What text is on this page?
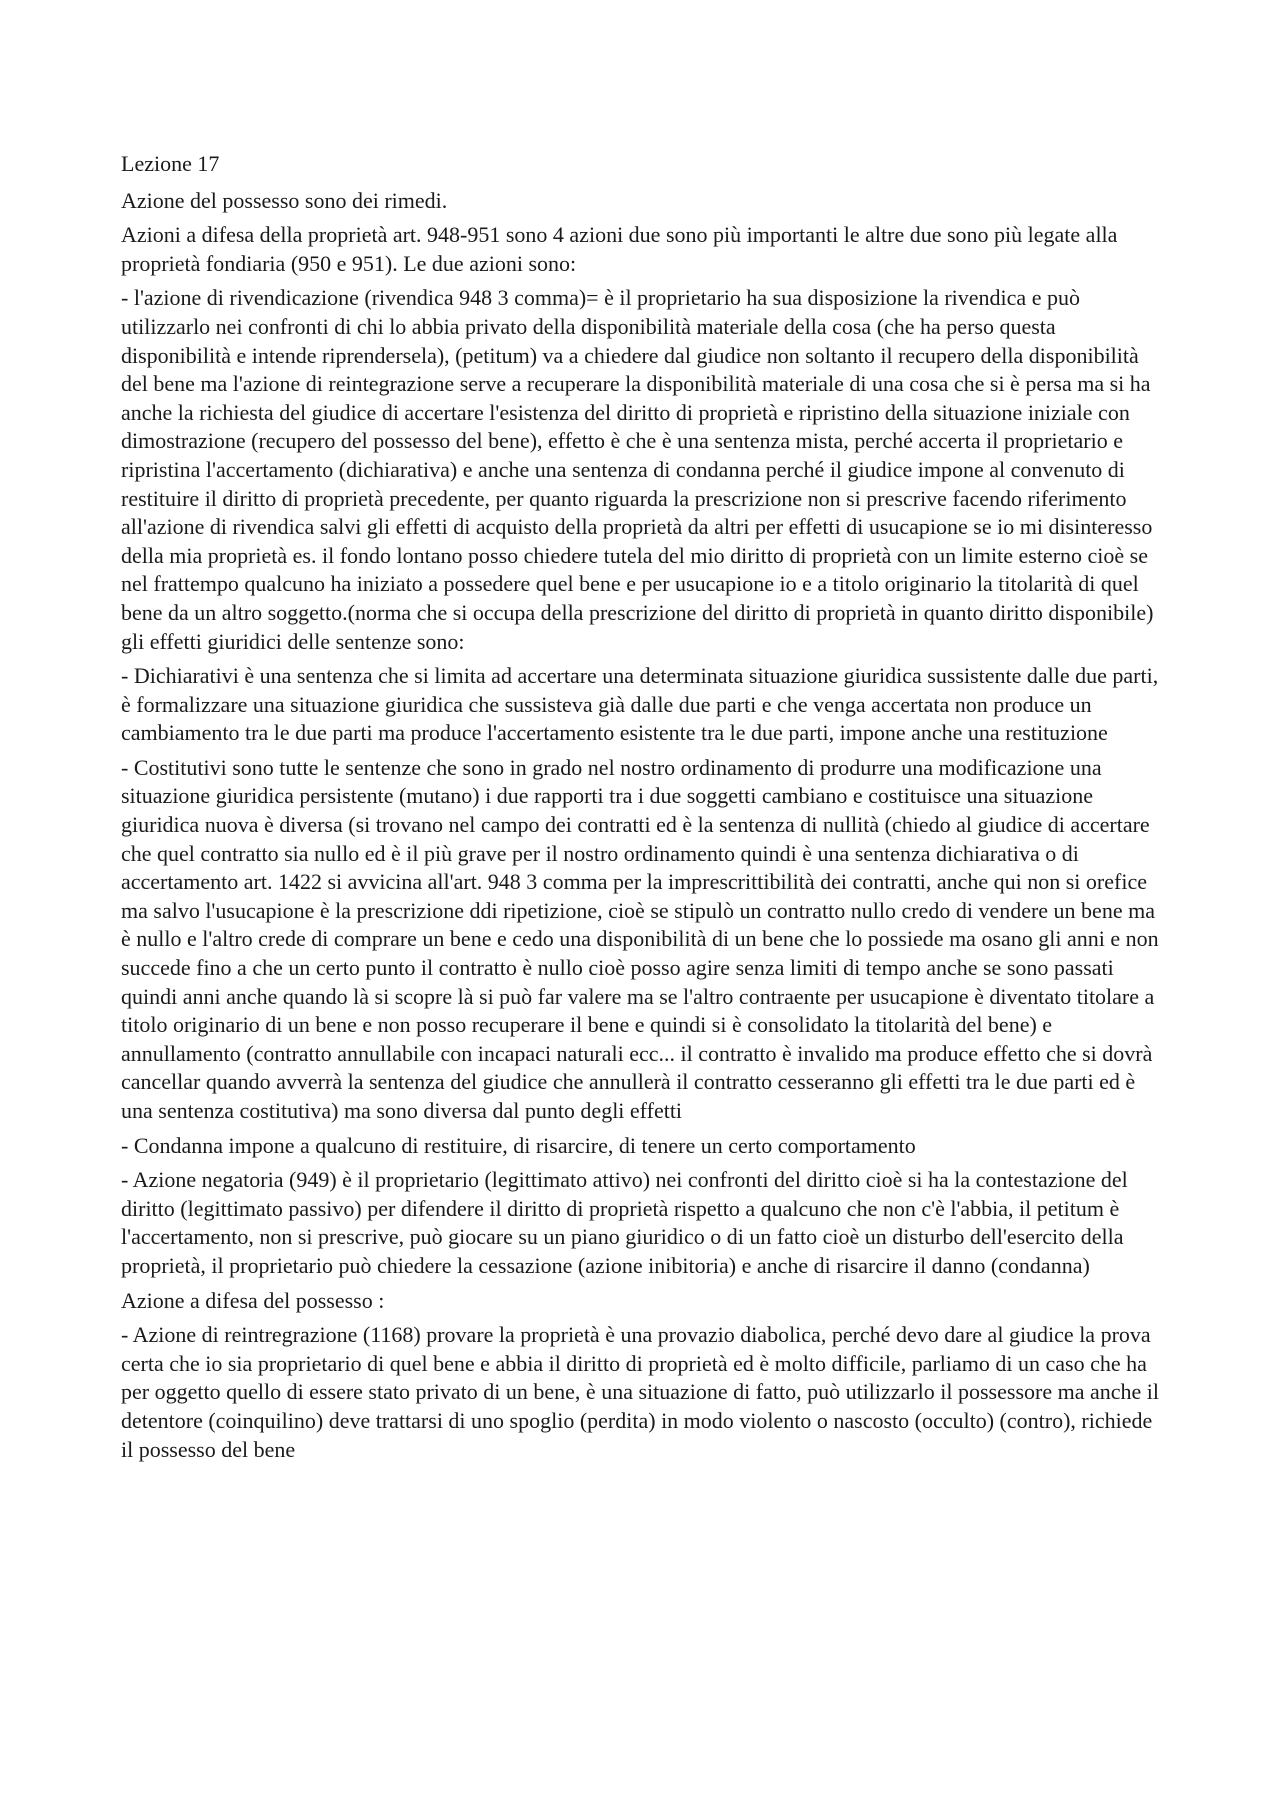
Lezione 17

Azione del possesso sono dei rimedi.

Azioni a difesa della proprietà art. 948-951 sono 4 azioni due sono più importanti le altre due sono più legate alla proprietà fondiaria (950 e 951). Le due azioni sono:

- l'azione di rivendicazione (rivendica 948 3 comma)= è il proprietario ha sua disposizione la rivendica e può utilizzarlo nei confronti di chi lo abbia privato della disponibilità materiale della cosa (che ha perso questa disponibilità e intende riprendersela), (petitum) va a chiedere dal giudice non soltanto il recupero della disponibilità del bene ma l'azione di reintegrazione serve a recuperare la disponibilità materiale di una cosa che si è persa ma si ha anche la richiesta del giudice di accertare l'esistenza del diritto di proprietà e ripristino della situazione iniziale con dimostrazione (recupero del possesso del bene), effetto è che è una sentenza mista, perché accerta il proprietario e ripristina l'accertamento (dichiarativa) e anche una sentenza di condanna perché il giudice impone al convenuto di restituire il diritto di proprietà precedente, per quanto riguarda la prescrizione non si prescrive facendo riferimento all'azione di rivendica salvi gli effetti di acquisto della proprietà da altri per effetti di usucapione se io mi disinteresso della mia proprietà es. il fondo lontano posso chiedere tutela del mio diritto di proprietà con un limite esterno cioè se nel frattempo qualcuno ha iniziato a possedere quel bene e per usucapione io e a titolo originario la titolarità di quel bene da un altro soggetto.(norma che si occupa della prescrizione del diritto di proprietà in quanto diritto disponibile) gli effetti giuridici delle sentenze sono:

- Dichiarativi è una sentenza che si limita ad accertare una determinata situazione giuridica sussistente dalle due parti, è formalizzare una situazione giuridica che sussisteva già dalle due parti e che venga accertata non produce un cambiamento tra le due parti ma produce l'accertamento esistente tra le due parti, impone anche una restituzione

- Costitutivi sono tutte le sentenze che sono in grado nel nostro ordinamento di produrre una modificazione una situazione giuridica persistente (mutano) i due rapporti tra i due soggetti cambiano e costituisce una situazione giuridica nuova è diversa (si trovano nel campo dei contratti ed è la sentenza di nullità (chiedo al giudice di accertare che quel contratto sia nullo ed è il più grave per il nostro ordinamento quindi è una sentenza dichiarativa o di accertamento art. 1422 si avvicina all'art. 948 3 comma per la imprescrittibilità dei contratti, anche qui non si orefice ma salvo l'usucapione è la prescrizione ddi ripetizione, cioè se stipulò un contratto nullo credo di vendere un bene ma è nullo e l'altro crede di comprare un bene e cedo una disponibilità di un bene che lo possiede ma osano gli anni e non succede fino a che un certo punto il contratto è nullo cioè posso agire senza limiti di tempo anche se sono passati quindi anni anche quando là si scopre là si può far valere ma se l'altro contraente per usucapione è diventato titolare a titolo originario di un bene e non posso recuperare il bene e quindi si è consolidato la titolarità del bene) e annullamento (contratto annullabile con incapaci naturali ecc... il contratto è invalido ma produce effetto che si dovrà cancellar quando avverrà la sentenza del giudice che annullerà il contratto cesseranno gli effetti tra le due parti ed è una sentenza costitutiva) ma sono diversa dal punto degli effetti

- Condanna impone a qualcuno di restituire, di risarcire, di tenere un certo comportamento

- Azione negatoria (949) è il proprietario (legittimato attivo) nei confronti del diritto cioè si ha la contestazione del diritto (legittimato passivo) per difendere il diritto di proprietà rispetto a qualcuno che non c'è l'abbia, il petitum è l'accertamento, non si prescrive, può giocare su un piano giuridico o di un fatto cioè un disturbo dell'esercito della proprietà, il proprietario può chiedere la cessazione (azione inibitoria) e anche di risarcire il danno (condanna)

Azione a difesa del possesso :

- Azione di reintregrazione (1168) provare la proprietà è una provazio diabolica, perché devo dare al giudice la prova certa che io sia proprietario di quel bene e abbia il diritto di proprietà ed è molto difficile, parliamo di un caso che ha per oggetto quello di essere stato privato di un bene, è una situazione di fatto, può utilizzarlo il possessore ma anche il detentore (coinquilino) deve trattarsi di uno spoglio (perdita) in modo violento o nascosto (occulto) (contro), richiede il possesso del bene
